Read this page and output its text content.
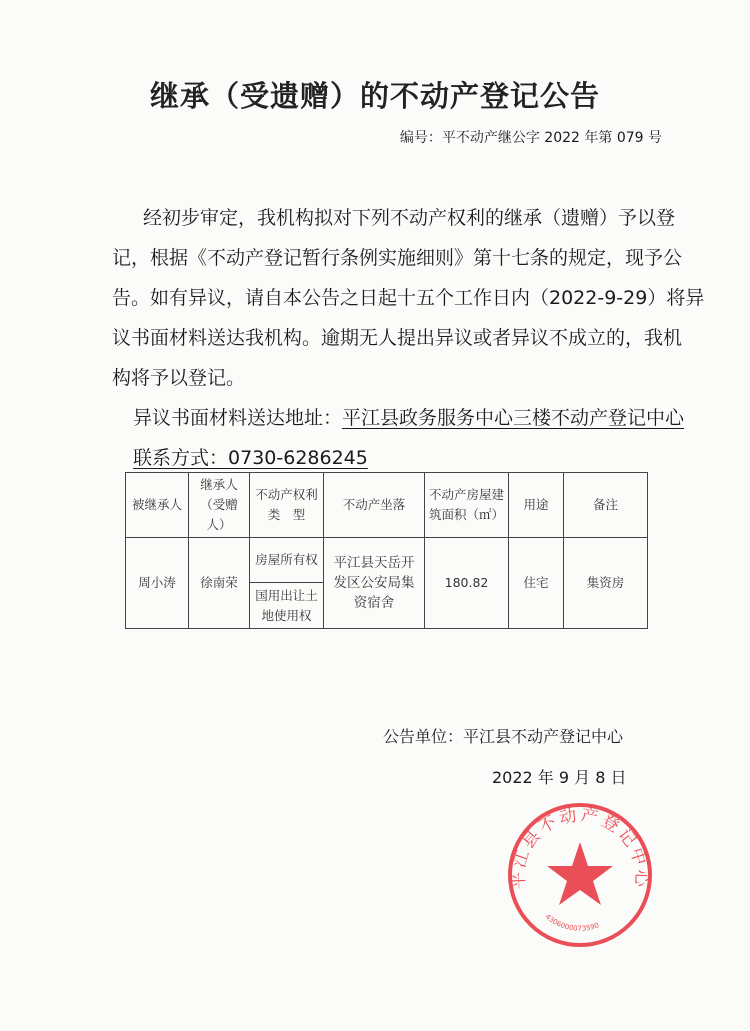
继承（受遗赠）的不动产登记公告
编号：平不动产继公字 2022 年第 079 号
经初步审定，我机构拟对下列不动产权利的继承（遗赠）予以登
记，根据《不动产登记暂行条例实施细则》第十七条的规定，现予公
告。如有异议，请自本公告之日起十五个工作日内（2022-9-29）将异
议书面材料送达我机构。逾期无人提出异议或者异议不成立的，我机
构将予以登记。
异议书面材料送达地址：平江县政务服务中心三楼不动产登记中心
联系方式：0730-6286245
被继承人	继承人（受赠人）	不动产权利类　型	不动产坐落	不动产房屋建筑面积（㎡）	用途	备注
周小涛	徐南荣	房屋所有权	平江县天岳开发区公安局集资宿舍	180.82	住宅	集资房
		国用出让土地使用权				
公告单位：平江县不动产登记中心
2022 年 9 月 8 日
平江县不动产登记中心
4306000073590
